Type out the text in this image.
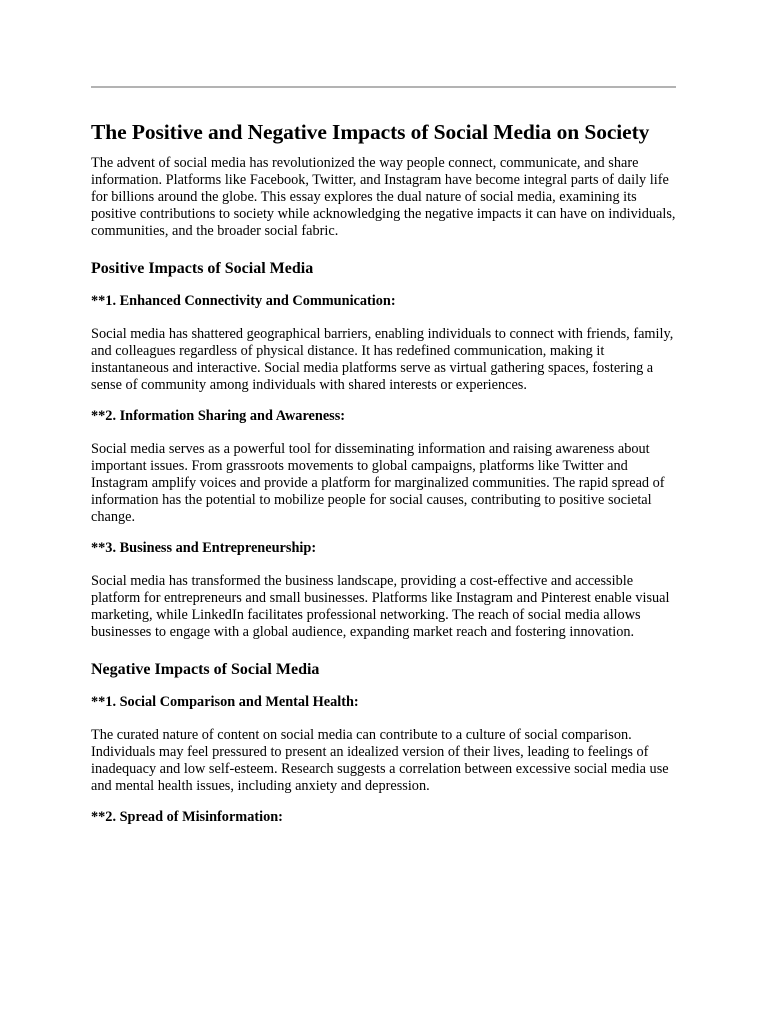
The Positive and Negative Impacts of Social Media on Society

The advent of social media has revolutionized the way people connect, communicate, and share information. Platforms like Facebook, Twitter, and Instagram have become integral parts of daily life for billions around the globe. This essay explores the dual nature of social media, examining its positive contributions to society while acknowledging the negative impacts it can have on individuals, communities, and the broader social fabric.

Positive Impacts of Social Media
**1. Enhanced Connectivity and Communication:

Social media has shattered geographical barriers, enabling individuals to connect with friends, family, and colleagues regardless of physical distance. It has redefined communication, making it instantaneous and interactive. Social media platforms serve as virtual gathering spaces, fostering a sense of community among individuals with shared interests or experiences.

**2. Information Sharing and Awareness:

Social media serves as a powerful tool for disseminating information and raising awareness about important issues. From grassroots movements to global campaigns, platforms like Twitter and Instagram amplify voices and provide a platform for marginalized communities. The rapid spread of information has the potential to mobilize people for social causes, contributing to positive societal change.

**3. Business and Entrepreneurship:

Social media has transformed the business landscape, providing a cost-effective and accessible platform for entrepreneurs and small businesses. Platforms like Instagram and Pinterest enable visual marketing, while LinkedIn facilitates professional networking. The reach of social media allows businesses to engage with a global audience, expanding market reach and fostering innovation.

Negative Impacts of Social Media
**1. Social Comparison and Mental Health:

The curated nature of content on social media can contribute to a culture of social comparison. Individuals may feel pressured to present an idealized version of their lives, leading to feelings of inadequacy and low self-esteem. Research suggests a correlation between excessive social media use and mental health issues, including anxiety and depression.

**2. Spread of Misinformation:
